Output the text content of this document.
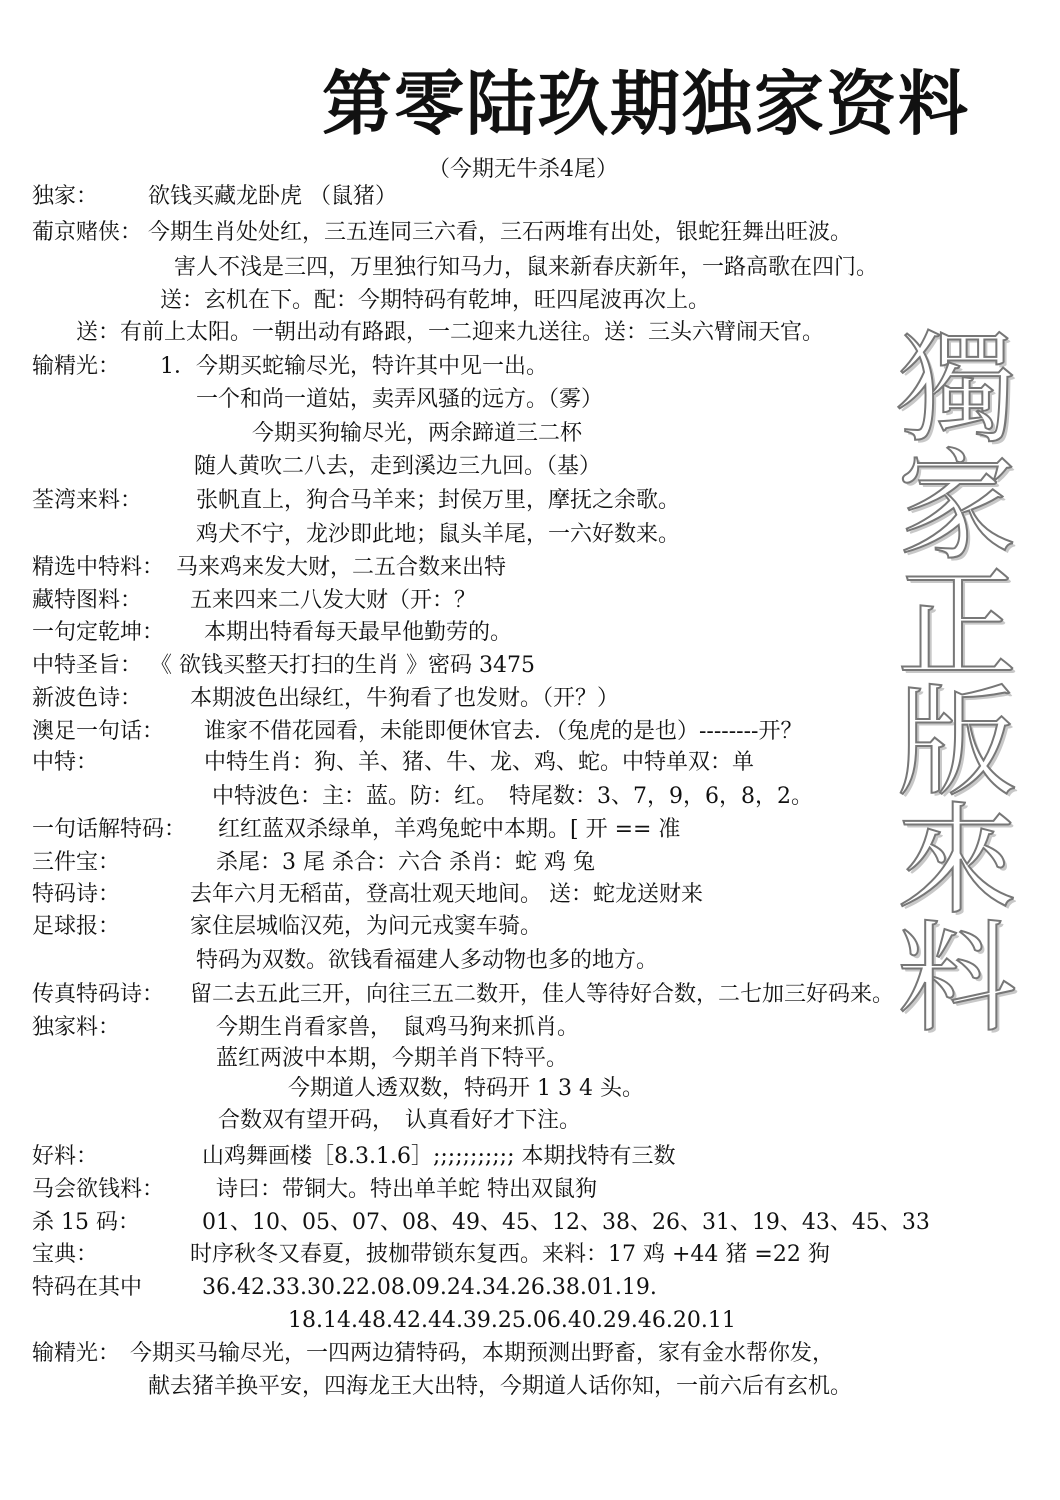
第零陆玖期独家资料
（今期无牛杀4尾）
獨
家
正
版
來
料
独家： 欲钱买藏龙卧虎 （鼠猪）
葡京赌侠： 今期生肖处处红，三五连同三六看，三石两堆有出处，银蛇狂舞出旺波。
害人不浅是三四，万里独行知马力，鼠来新春庆新年，一路高歌在四门。
送：玄机在下。配：今期特码有乾坤，旺四尾波再次上。
送：有前上太阳。一朝出动有路跟，一二迎来九送往。送：三头六臂闹天官。
输精光： 1．今期买蛇输尽光，特许其中见一出。
一个和尚一道姑，卖弄风骚的远方。（雾）
今期买狗输尽光，两余蹄道三二杯
随人黄吹二八去，走到溪边三九回。（基）
荃湾来料： 张帆直上，狗合马羊来；封侯万里，摩抚之余歌。
鸡犬不宁，龙沙即此地；鼠头羊尾，一六好数来。
精选中特料： 马来鸡来发大财，二五合数来出特
藏特图料： 五来四来二八发大财（开：？
一句定乾坤： 本期出特看每天最早他勤劳的。
中特圣旨： 《 欲钱买整天打扫的生肖 》密码 3475
新波色诗： 本期波色出绿红，牛狗看了也发财。（开？）
澳足一句话： 谁家不借花园看，未能即便休官去．（兔虎的是也）--------开？
中特：	中特生肖：狗、羊、猪、牛、龙、鸡、蛇。中特单双：单
中特波色：主：蓝。防：红。　特尾数：3、7，9，6，8，2。
一句话解特码： 红红蓝双杀绿单，羊鸡兔蛇中本期。[ 开 == 准
三件宝：	杀尾：3 尾 杀合：六合 杀肖：蛇 鸡 兔
特码诗：	去年六月无稻苗，登高壮观天地间。 送：蛇龙送财来
足球报：	家住层城临汉苑，为问元戎窦车骑。
特码为双数。欲钱看福建人多动物也多的地方。
传真特码诗： 留二去五此三开，向往三五二数开，佳人等待好合数，二七加三好码来。
独家料：	今期生肖看家兽，　鼠鸡马狗来抓肖。
蓝红两波中本期，今期羊肖下特平。
今期道人透双数，特码开 1 3 4 头。
合数双有望开码，　认真看好才下注。
好料：	山鸡舞画楼［8.3.1.6］;;;;;;;;;;; 本期找特有三数
马会欲钱料： 诗曰：带铜大。特出单羊蛇 特出双鼠狗
杀 15 码：	01、10、05、07、08、49、45、12、38、26、31、19、43、45、33
宝典：	时序秋冬又春夏，披枷带锁东复西。来料：17 鸡 +44 猪 =22 狗
特码在其中	36.42.33.30.22.08.09.24.34.26.38.01.19.
18.14.48.42.44.39.25.06.40.29.46.20.11
输精光： 今期买马输尽光，一四两边猜特码，本期预测出野畜，家有金水帮你发，
献去猪羊换平安，四海龙王大出特，今期道人话你知，一前六后有玄机。
